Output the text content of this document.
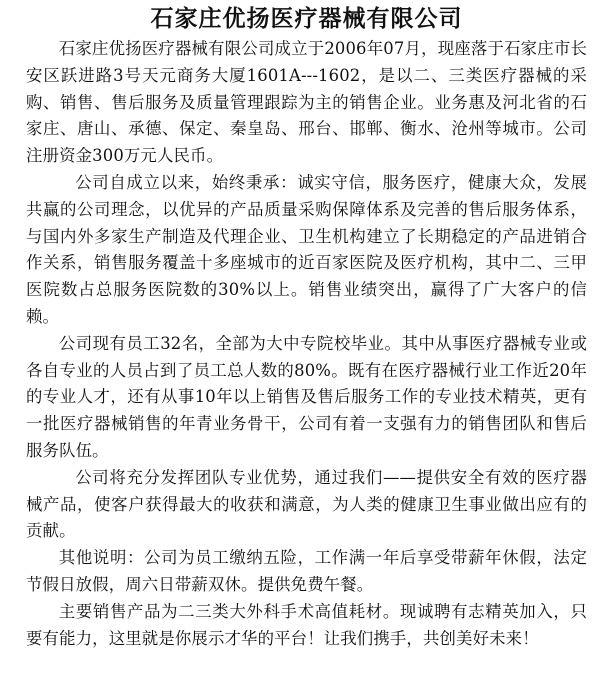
石家庄优扬医疗器械有限公司

石家庄优扬医疗器械有限公司成立于2006年07月，现座落于石家庄市长安区跃进路3号天元商务大厦1601A---1602，是以二、三类医疗器械的采购、销售、售后服务及质量管理跟踪为主的销售企业。业务惠及河北省的石家庄、唐山、承德、保定、秦皇岛、邢台、邯郸、衡水、沧州等城市。公司注册资金300万元人民币。

公司自成立以来，始终秉承：诚实守信，服务医疗，健康大众，发展共赢的公司理念，以优异的产品质量采购保障体系及完善的售后服务体系，与国内外多家生产制造及代理企业、卫生机构建立了长期稳定的产品进销合作关系，销售服务覆盖十多座城市的近百家医院及医疗机构，其中二、三甲医院数占总服务医院数的30%以上。销售业绩突出，赢得了广大客户的信赖。

公司现有员工32名，全部为大中专院校毕业。其中从事医疗器械专业或各自专业的人员占到了员工总人数的80%。既有在医疗器械行业工作近20年的专业人才，还有从事10年以上销售及售后服务工作的专业技术精英，更有一批医疗器械销售的年青业务骨干，公司有着一支强有力的销售团队和售后服务队伍。

公司将充分发挥团队专业优势，通过我们——提供安全有效的医疗器械产品，使客户获得最大的收获和满意，为人类的健康卫生事业做出应有的贡献。

其他说明：公司为员工缴纳五险，工作满一年后享受带薪年休假，法定节假日放假，周六日带薪双休。提供免费午餐。

主要销售产品为二三类大外科手术高值耗材。现诚聘有志精英加入，只要有能力，这里就是你展示才华的平台！让我们携手，共创美好未来！
